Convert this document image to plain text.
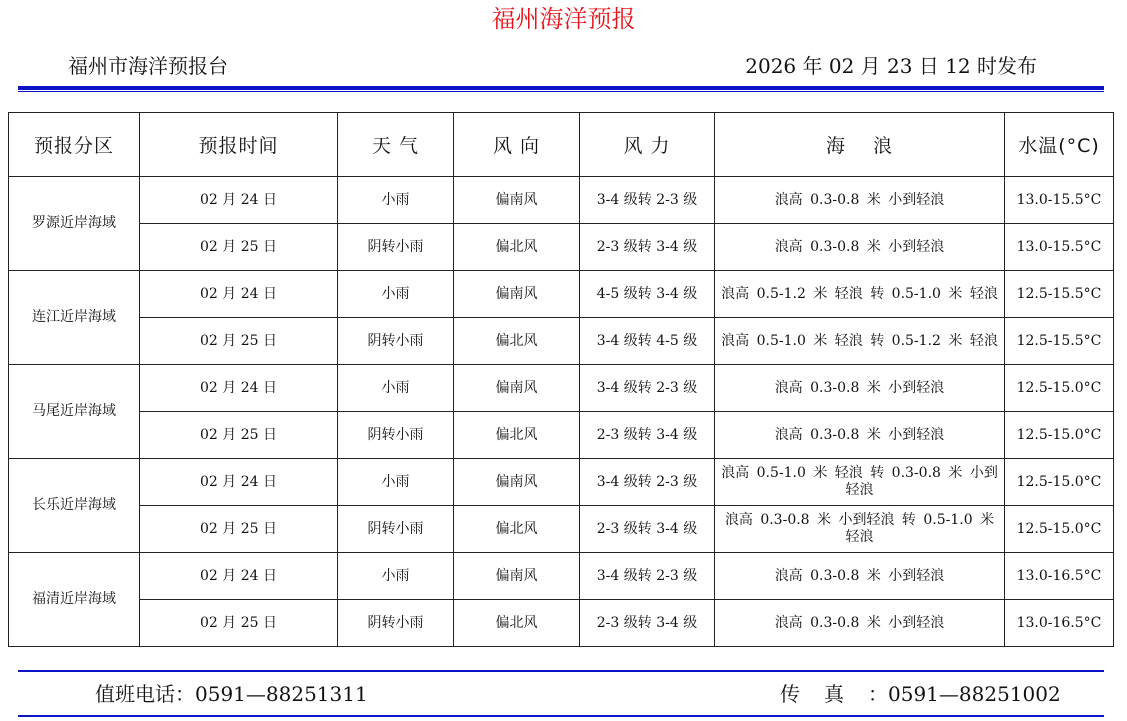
福州海洋预报
福州市海洋预报台	2026 年 02 月 23 日 12 时发布
预报分区	预报时间	天 气	风 向	风 力	海　 浪	水温(°C)
罗源近岸海域	02 月 24 日	小雨	偏南风	3-4 级转 2-3 级	浪高 0.3-0.8 米 小到轻浪	13.0-15.5°C
	02 月 25 日	阴转小雨	偏北风	2-3 级转 3-4 级	浪高 0.3-0.8 米 小到轻浪	13.0-15.5°C
连江近岸海域	02 月 24 日	小雨	偏南风	4-5 级转 3-4 级	浪高 0.5-1.2 米 轻浪 转 0.5-1.0 米 轻浪	12.5-15.5°C
	02 月 25 日	阴转小雨	偏北风	3-4 级转 4-5 级	浪高 0.5-1.0 米 轻浪 转 0.5-1.2 米 轻浪	12.5-15.5°C
马尾近岸海域	02 月 24 日	小雨	偏南风	3-4 级转 2-3 级	浪高 0.3-0.8 米 小到轻浪	12.5-15.0°C
	02 月 25 日	阴转小雨	偏北风	2-3 级转 3-4 级	浪高 0.3-0.8 米 小到轻浪	12.5-15.0°C
长乐近岸海域	02 月 24 日	小雨	偏南风	3-4 级转 2-3 级	浪高 0.5-1.0 米 轻浪 转 0.3-0.8 米 小到轻浪	12.5-15.0°C
	02 月 25 日	阴转小雨	偏北风	2-3 级转 3-4 级	浪高 0.3-0.8 米 小到轻浪 转 0.5-1.0 米 轻浪	12.5-15.0°C
福清近岸海域	02 月 24 日	小雨	偏南风	3-4 级转 2-3 级	浪高 0.3-0.8 米 小到轻浪	13.0-16.5°C
	02 月 25 日	阴转小雨	偏北风	2-3 级转 3-4 级	浪高 0.3-0.8 米 小到轻浪	13.0-16.5°C
值班电话：0591—88251311	传真：0591—88251002
